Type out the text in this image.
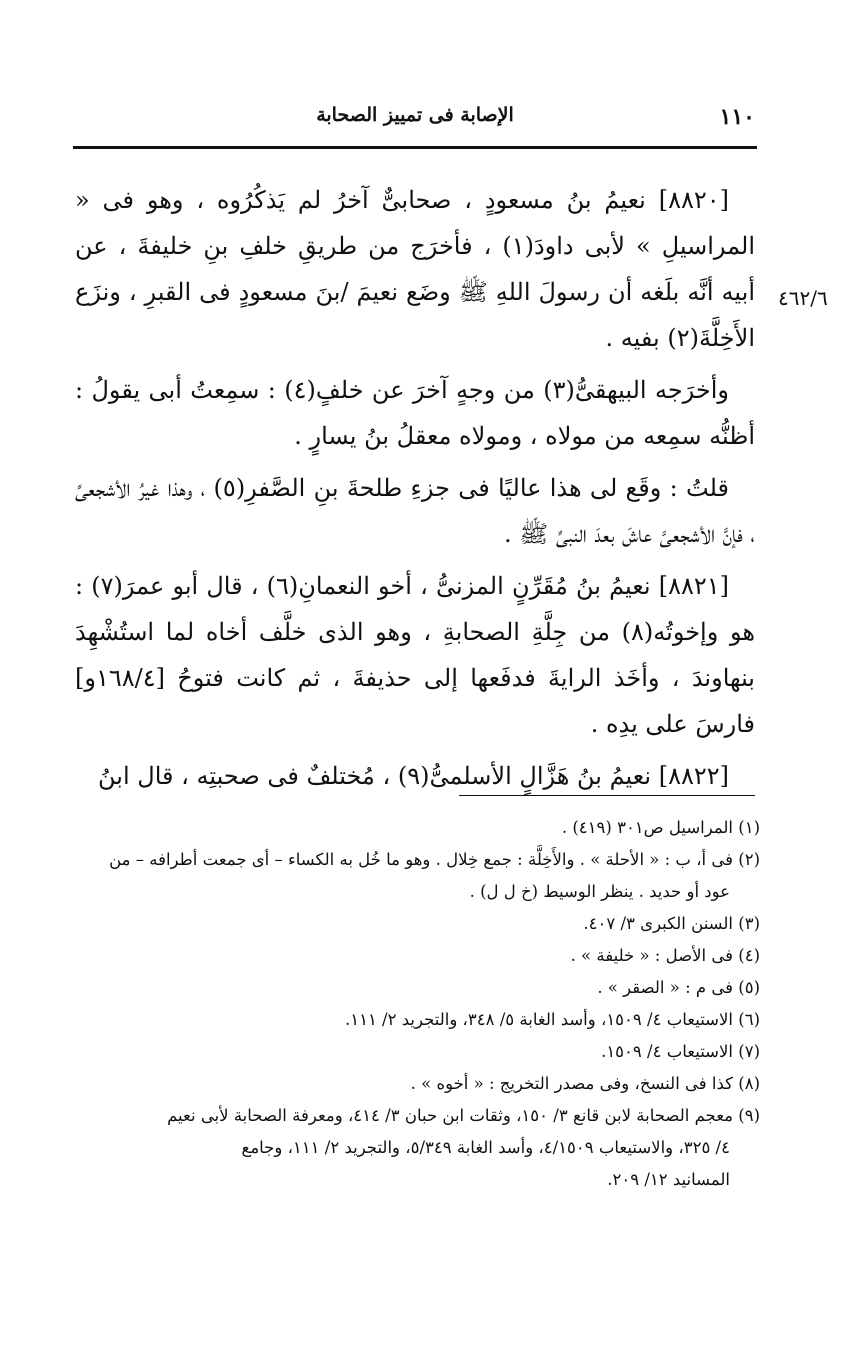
١١٠
الإصابة فى تمييز الصحابة
٤٦٢/٦

[٨٨٢٠] نعيمُ بنُ مسعودٍ ، صحابىٌّ آخرُ لم يَذكُرُوه ، وهو فى « المراسيلِ » لأبى داودَ(١) ، فأخرَج من طريقِ خلفِ بنِ خليفةَ ، عن أبيه أنَّه بلَغه أن رسولَ اللهِ ﷺ وضَع نعيمَ /بنَ مسعودٍ فى القبرِ ، ونزَع الأَخِلَّةَ(٢) بفيه .

وأخرَجه البيهقىُّ(٣) من وجهٍ آخرَ عن خلفٍ(٤) : سمِعتُ أبى يقولُ : أظنُّه سمِعه من مولاه ، ومولاه معقلُ بنُ يسارٍ .

قلتُ : وقَع لى هذا عاليًا فى جزءِ طلحةَ بنِ الصَّفرِ(٥) ، وهذا غيرُ الأشجعىِّ ، فإنَّ الأشجعىَّ عاشَ بعدَ النبىِّ ﷺ .

[٨٨٢١] نعيمُ بنُ مُقَرِّنٍ المزنىُّ ، أخو النعمانِ(٦) ، قال أبو عمرَ(٧) : هو وإخوتُه(٨) من جِلَّةِ الصحابةِ ، وهو الذى خلَّف أخاه لما استُشْهِدَ بنهاوندَ ، وأخَذ الرايةَ فدفَعها إلى حذيفةَ ، ثم كانت فتوحُ [١٦٨/٤و] فارسَ على يدِه .

[٨٨٢٢] نعيمُ بنُ هَزَّالٍ الأسلمىُّ(٩) ، مُختلفٌ فى صحبتِه ، قال ابنُ

(١) المراسيل ص٣٠١ (٤١٩) .

(٢) فى أ، ب : « الأحلة » . والأَخِلَّة : جمع خِلال . وهو ما خُل به الكساء – أى جمعت أطرافه – من

عود أو حديد . ينظر الوسيط (خ ل ل) .

(٣) السنن الكبرى ٣/ ٤٠٧.

(٤) فى الأصل : « خليفة » .

(٥) فى م : « الصقر » .

(٦) الاستيعاب ٤/ ١٥٠٩، وأسد الغابة ٥/ ٣٤٨، والتجريد ٢/ ١١١.

(٧) الاستيعاب ٤/ ١٥٠٩.

(٨) كذا فى النسخ، وفى مصدر التخريج : « أخوه » .

(٩) معجم الصحابة لابن قانع ٣/ ١٥٠، وثقات ابن حبان ٣/ ٤١٤، ومعرفة الصحابة لأبى نعيم

٤/ ٣٢٥، والاستيعاب ٤/١٥٠٩، وأسد الغابة ٥/٣٤٩، والتجريد ٢/ ١١١، وجامع

المسانيد ١٢/ ٢٠٩.
